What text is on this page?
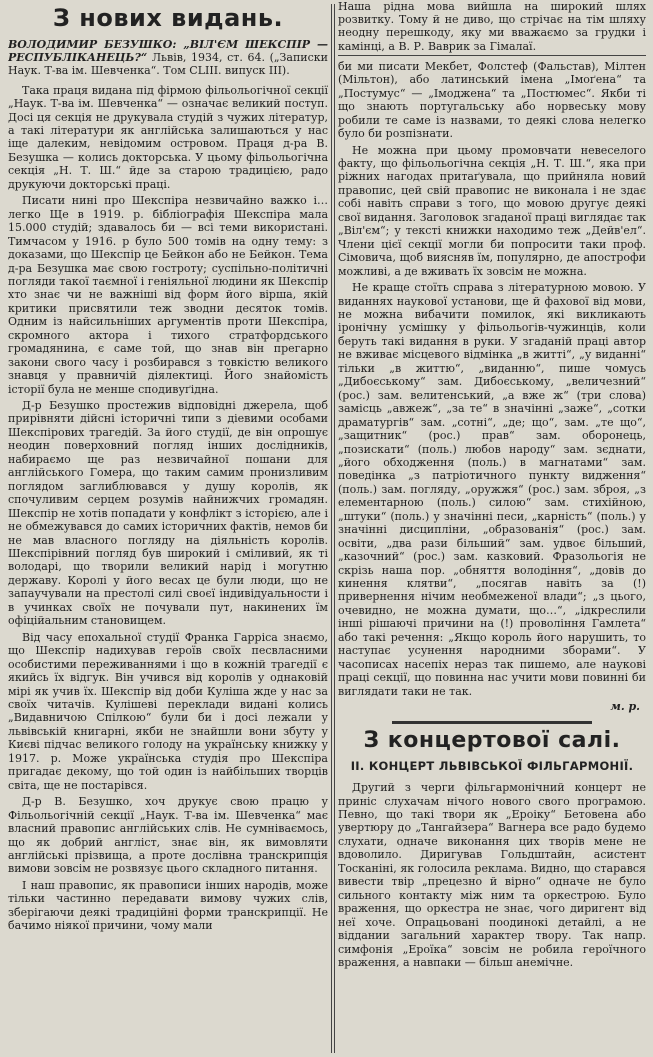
З нових видань.

ВОЛОДИМИР БЕЗУШКО: „ВІЛ'ЄМ ШЕКСПІР — РЕСПУБЛІКАНЕЦЬ?“ Львів, 1934, ст. 64. („Записки Наук. Т-ва ім. Шевченка“. Том CLIII. випуск III).

Така праця видана під фірмою фільольогічної секції „Наук. Т-ва ім. Шевченка“ — означає великий поступ. Досі ця секція не друкувала студій з чужих літератур, а такі літератури як англійська залишаються у нас іще далеким, невідомим островом. Праця д-ра В. Безушка — колись докторська. У цьому фільольогічна секція „Н. Т. Ш.“ йде за старою традицією, радо друкуючи докторські праці.

Писати нині про Шекспіра незвичайно важко і… легко Ще в 1919. р. бібліографія Шекспіра мала 15.000 студій; здавалось би — всі теми використані. Тимчасом у 1916. р було 500 томів на одну тему: з доказами, що Шекспір це Бейкон або не Бейкон. Тема д-ра Безушка має свою гостроту; суспільно-політичні погляди такої таємної і геніяльної людини як Шекспір хто знає чи не важніші від форм його вірша, якій критики присвятили теж зводни десяток томів. Одним із найсильніших аргументів проти Шекспіра, скромного актора і тихого стратфордського громадянина, є саме той, що знав він прегарно закони свого часу і розбирався з товкістю великого знавця у правничій діялектиці. Його знайомість історії була не менше сподивуґідна.

Д-р Безушко простежив відповідні джерела, щоб прирівняти дійсні історичні типи з діевими особами Шекспірових трагедій. За його студії, де він опрошує неодин поверховний погляд інших дослідників, набираємо ще раз незвичайної пошани для англійського Гомера, що таким самим пронизливим поглядом заглиблювався у душу королів, як спочуливим серцем розумів найнижчих громадян. Шекспір не хотів попадати у конфлікт з історією, але і не обмежувався до самих історичних фактів, немов би не мав власного погляду на діяльність королів. Шекспірівний погляд був широкий і сміливий, як ті володарі, що творили великий нарід і могутню державу. Королі у його весах це були люди, що не запаучували на престолі силі своєї індивідуальности і в учинках своїх не почували пут, накинених їм офіційальним становищем.

Від часу епохальної студії Франка Гаррісa знаємо, що Шекспір надихував героїв своїх песвласними особистими переживаннями і що в кожній трагедії є якийсь їх відгук. Він учився від королів у однаковій мірі як учив їх. Шекспір від доби Куліша жде у нас за своїх читачів. Кулішеві переклади видані колись „Видавничою Спілкою“ були би і досі лежали у львівській книгарні, якби не знайшли вони збуту у Києві підчас великого голоду на українську книжку у 1917. р. Може українська студія про Шекспіра пригадає декому, що той один із найбільших творців світа, ще не постарівся.

Д-р В. Безушко, хоч друкує свою працю у Фільольогічній секції „Наук. Т-ва ім. Шевченка“ має власний правопис англійських слів. Не сумніваємось, що як добрий англіст, знає він, як вимовляти англійські прізвища, а проте дослівна транскрипція вимови зовсім не розвязує цього складного питання.

І наш правопис, як правописи інших народів, може тільки частинно передавати вимову чужих слів, зберігаючи деякі традиційні форми транскрипції. Не бачимо ніякої причини, чому мали

Наша рідна мова вийшла на широкий шлях розвитку. Тому й не диво, що стрічає на тім шляху неодну перешкоду, яку ми вважаємо за грудки і камінці, а В. Р. Ваврик за Гімалаї.

би ми писати Мекбет, Фолстеф (Фальстав), Мілтен (Мільтон), або латинський імена „Імоґена“ та „Постумус“ — „Імоджена“ та „Постюмес“. Якби ті що знають португальську або норвеську мову робили те саме із назвами, то деякі слова нелегко було би розпізнати.

Не можна при цьому промовчати невеселого факту, що фільольогічна секція „Н. Т. Ш.“, яка при ріжних нагодах притаґувала, що прийняла новий правопис, цей свій правопис не виконала і не здає собі навіть справи з того, що мовою другує деякі свої видання. Заголовок згаданої праці виглядає так „Віл'єм“; у тексті книжки находимо теж „Дейв'ел“. Члени цієї секції могли би попросити таки проф. Сімовича, щоб виясняв їм, популярно, де апострофи можливі, а де вживать їх зовсім не можна.

Не краще стоїть справа з літературною мовою. У виданнях наукової установи, ще й фахової від мови, не можна вибачити помилок, які викликають іронічну усмішку у фільольогів-чужинців, коли беруть такі видання в руки. У згаданій праці автор не вживає місцевого відмінка „в житті“, „у виданні“ тільки „в життю“, „виданню“, пише чомусь „Дибоєському“ зам. Дибоєському, „величезний“ (рос.) зам. велитенський, „а вже ж“ (три слова) замісць „авжеж“, „за те“ в значінні „заже“, „сотки драматургів“ зам. „сотні“, „де; що“, зам. „те що“, „защитник“ (рос.) прав“ зам. оборонець, „позискати“ (поль.) любов народу“ зам. зєднати, „його обходження (поль.) в магнатами“ зам. поведінка „з патріотичного пункту видження“ (поль.) зам. погляду, „оружжя“ (рос.) зам. зброя, „з елементарною (поль.) силою“ зам. стихійною, „штуки“ (поль.) у значінні песи, „карність“ (поль.) у значінні дисципліни, „образованія“ (рос.) зам. освіти, „два рази більший“ зам. удвоє більший, „казочний“ (рос.) зам. казковий. Фразольогія не скрізь наша пор. „обняття володіння“, „довів до кинення клятви“, „посягав навіть за (!) привернення нічим необмеженої влади“; „з цього, очевидно, не можна думати, що…“, „ідкреслили інші рішаючі причини на (!) провоління Гамлета“ або такі речення: „Якщо король його нарушить, то наступає усунення народними зборами“. У часописах насепіх нераз так пишемо, але наукові праці секції, що повинна нас учити мови повинні би виглядати таки не так.

м. р.
З концертової салі.
II. КОНЦЕРТ ЛЬВІВСЬКОЇ ФІЛЬГАРМОНІЇ.

Другий з черги фільгармонічний концерт не приніс слухачам нічого нового свого програмою. Певно, що такі твори як „Ероіку“ Бетовена або увертюру до „Тангайзера“ Вагнера все радо будемо слухати, одначе виконання цих творів мене не вдоволило. Диригував Гольдштайн, асистент Тосканіні, як голосила реклама. Видно, що старався вивести твір „прецезно й вірно“ одначе не було сильного контакту між ним та оркестрою. Було враження, що оркестра не знає, чого диригент від неї хоче. Опрацьовані поодинокі детайлі, а не віддании загальний характер твору. Так напр. симфонія „Ероїка“ зовсім не робила героїчного враження, а навпаки — більш анемічне.
